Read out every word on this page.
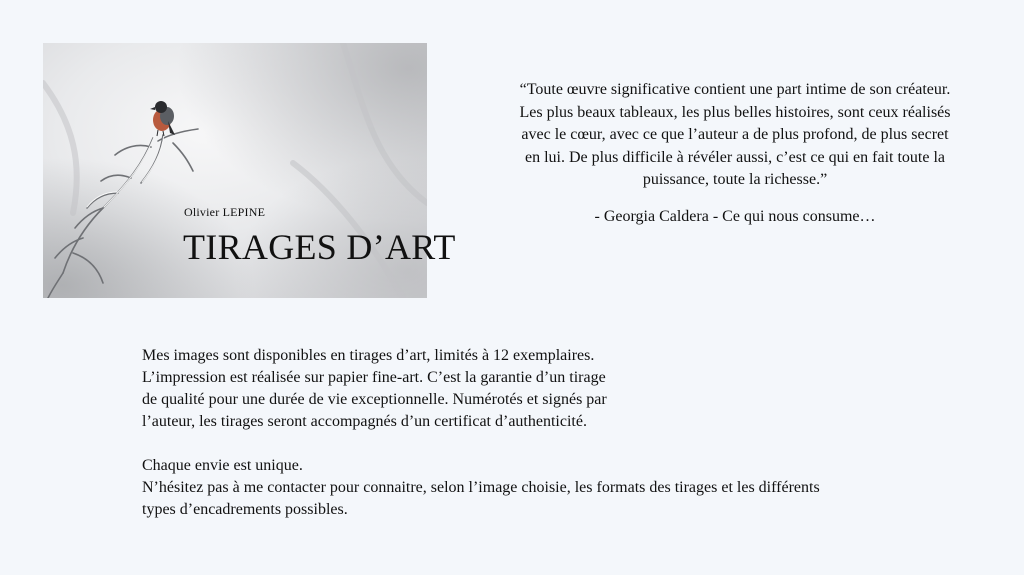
Olivier LEPINE
TIRAGES D’ART

“Toute œuvre significative contient une part intime de son créateur.

Les plus beaux tableaux, les plus belles histoires, sont ceux réalisés

avec le cœur, avec ce que l’auteur a de plus profond, de plus secret

en lui. De plus difficile à révéler aussi, c’est ce qui en fait toute la

puissance, toute la richesse.”

- Georgia Caldera - Ce qui nous consume…

Mes images sont disponibles en tirages d’art, limités à 12 exemplaires.

L’impression est réalisée sur papier fine-art. C’est la garantie d’un tirage

de qualité pour une durée de vie exceptionnelle. Numérotés et signés par

l’auteur, les tirages seront accompagnés d’un certificat d’authenticité.

Chaque envie est unique.

N’hésitez pas à me contacter pour connaitre, selon l’image choisie, les formats des tirages et les différents

types d’encadrements possibles.
